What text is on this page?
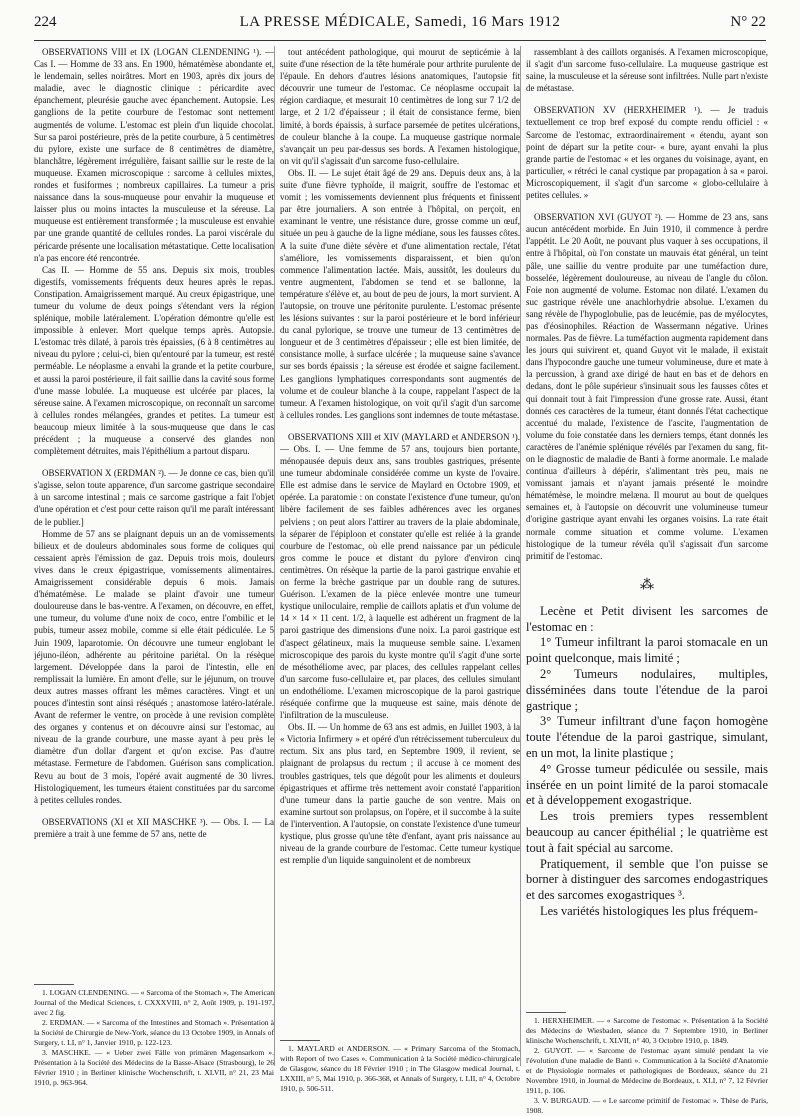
224	LA PRESSE MÉDICALE, Samedi, 16 Mars 1912	N° 22

OBSERVATIONS VIII et IX (LOGAN CLENDENING ¹). — Cas I. — Homme de 33 ans. En 1900, hématémèse abondante et, le lendemain, selles noirâtres. Mort en 1903, après dix jours de maladie, avec le diagnostic clinique : péricardite avec épanchement, pleurésie gauche avec épanchement. Autopsie. Les ganglions de la petite courbure de l'estomac sont nettement augmentés de volume. L'estomac est plein d'un liquide chocolat. Sur sa paroi postérieure, près de la petite courbure, à 5 centimètres du pylore, existe une surface de 8 centimètres de diamètre, blanchâtre, légèrement irrégulière, faisant saillie sur le reste de la muqueuse. Examen microscopique : sarcome à cellules mixtes, rondes et fusiformes ; nombreux capillaires. La tumeur a pris naissance dans la sous-muqueuse pour envahir la muqueuse et laisser plus ou moins intactes la musculeuse et la séreuse. La muqueuse est entièrement transformée ; la musculeuse est envahie par une grande quantité de cellules rondes. La paroi viscérale du péricarde présente une localisation métastatique. Cette localisation n'a pas encore été rencontrée.

Cas II. — Homme de 55 ans. Depuis six mois, troubles digestifs, vomissements fréquents deux heures après le repas. Constipation. Amaigrissement marqué. Au creux épigastrique, une tumeur du volume de deux poings s'étendant vers la région splénique, mobile latéralement. L'opération démontre qu'elle est impossible à enlever. Mort quelque temps après. Autopsie. L'estomac très dilaté, à parois très épaissies, (6 à 8 centimètres au niveau du pylore ; celui-ci, bien qu'entouré par la tumeur, est resté perméable. Le néoplasme a envahi la grande et la petite courbure, et aussi la paroi postérieure, il fait saillie dans la cavité sous forme d'une masse lobulée. La muqueuse est ulcérée par places, la séreuse saine. A l'examen microscopique, on reconnaît un sarcome à cellules rondes mélangées, grandes et petites. La tumeur est beaucoup mieux limitée à la sous-muqueuse que dans le cas précédent ; la muqueuse a conservé des glandes non complètement détruites, mais l'épithélium a partout disparu.

OBSERVATION X (ERDMAN ²). — Je donne ce cas, bien qu'il s'agisse, selon toute apparence, d'un sarcome gastrique secondaire à un sarcome intestinal ; mais ce sarcome gastrique a fait l'objet d'une opération et c'est pour cette raison qu'il me paraît intéressant de le publier.]

Homme de 57 ans se plaignant depuis un an de vomissements bilieux et de douleurs abdominales sous forme de coliques qui cessaient après l'émission de gaz. Depuis trois mois, douleurs vives dans le creux épigastrique, vomissements alimentaires. Amaigrissement considérable depuis 6 mois. Jamais d'hématémèse. Le malade se plaint d'avoir une tumeur douloureuse dans le bas-ventre. A l'examen, on découvre, en effet, une tumeur, du volume d'une noix de coco, entre l'ombilic et le pubis, tumeur assez mobile, comme si elle était pédiculée. Le 5 Juin 1909, laparotomie. On découvre une tumeur englobant le jéjuno-iléon, adhérente au péritoine pariétal. On la résèque largement. Développée dans la paroi de l'intestin, elle en remplissait la lumière. En amont d'elle, sur le jéjunum, on trouve deux autres masses offrant les mêmes caractères. Vingt et un pouces d'intestin sont ainsi réséqués ; anastomose latéro-latérale. Avant de refermer le ventre, on procède à une revision complète des organes y contenus et on découvre ainsi sur l'estomac, au niveau de la grande courbure, une masse ayant à peu près le diamètre d'un dollar d'argent et qu'on excise. Pas d'autre métastase. Fermeture de l'abdomen. Guérison sans complication. Revu au bout de 3 mois, l'opéré avait augmenté de 30 livres. Histologiquement, les tumeurs étaient constituées par du sarcome à petites cellules rondes.

OBSERVATIONS (XI et XII MASCHKE ³). — Obs. I. — La première a trait à une femme de 57 ans, nette de

tout antécédent pathologique, qui mourut de septicémie à la suite d'une résection de la tête humérale pour arthrite purulente de l'épaule. En dehors d'autres lésions anatomiques, l'autopsie fit découvrir une tumeur de l'estomac. Ce néoplasme occupait la région cardiaque, et mesurait 10 centimètres de long sur 7 1/2 de large, et 2 1/2 d'épaisseur ; il était de consistance ferme, bien limité, à bords épaissis, à surface parsemée de petites ulcérations, de couleur blanche à la coupe. La muqueuse gastrique normale s'avançait un peu par-dessus ses bords. A l'examen histologique, on vit qu'il s'agissait d'un sarcome fuso-cellulaire.

Obs. II. — Le sujet était âgé de 29 ans. Depuis deux ans, à la suite d'une fièvre typhoïde, il maigrit, souffre de l'estomac et vomit ; les vomissements deviennent plus fréquents et finissent par être journaliers. A son entrée à l'hôpital, on perçoit, en examinant le ventre, une résistance dure, grosse comme un œuf, située un peu à gauche de la ligne médiane, sous les fausses côtes. A la suite d'une diète sévère et d'une alimentation rectale, l'état s'améliore, les vomissements disparaissent, et bien qu'on commence l'alimentation lactée. Mais, aussitôt, les douleurs du ventre augmentent, l'abdomen se tend et se ballonne, la température s'élève et, au bout de peu de jours, la mort survient. A l'autopsie, on trouve une péritonite purulente. L'estomac présente les lésions suivantes : sur la paroi postérieure et le bord inférieur du canal pylorique, se trouve une tumeur de 13 centimètres de longueur et de 3 centimètres d'épaisseur ; elle est bien limitée, de consistance molle, à surface ulcérée ; la muqueuse saine s'avance sur ses bords épaissis ; la séreuse est érodée et saigne facilement. Les ganglions lymphatiques correspondants sont augmentés de volume et de couleur blanche à la coupe, rappelant l'aspect de la tumeur. A l'examen histologique, on voit qu'il s'agit d'un sarcome à cellules rondes. Les ganglions sont indemnes de toute métastase.

OBSERVATIONS XIII et XIV (MAYLARD et ANDERSON ¹). — Obs. I. — Une femme de 57 ans, toujours bien portante, ménopausée depuis deux ans, sans troubles gastriques, présente une tumeur abdominale considérée comme un kyste de l'ovaire. Elle est admise dans le service de Maylard en Octobre 1909, et opérée. La paratomie : on constate l'existence d'une tumeur, qu'on libère facilement de ses faibles adhérences avec les organes pelviens ; on peut alors l'attirer au travers de la plaie abdominale, la séparer de l'épiploon et constater qu'elle est reliée à la grande courbure de l'estomac, où elle prend naissance par un pédicule gros comme le pouce et distant du pylore d'environ cinq centimètres. On résèque la partie de la paroi gastrique envahie et on ferme la brèche gastrique par un double rang de sutures. Guérison. L'examen de la pièce enlevée montre une tumeur kystique uniloculaire, remplie de caillots aplatis et d'un volume de 14 × 14 × 11 cent. 1/2, à laquelle est adhérent un fragment de la paroi gastrique des dimensions d'une noix. La paroi gastrique est d'aspect gélatineux, mais la muqueuse semble saine. L'examen microscopique des parois du kyste montre qu'il s'agit d'une sorte de mésothéliome avec, par places, des cellules rappelant celles d'un sarcome fuso-cellulaire et, par places, des cellules simulant un endothéliome. L'examen microscopique de la paroi gastrique réséquée confirme que la muqueuse est saine, mais dénote de l'infiltration de la musculeuse.

Obs. II. — Un homme de 63 ans est admis, en Juillet 1903, à la « Victoria Infirmery » et opéré d'un rétrécissement tuberculeux du rectum. Six ans plus tard, en Septembre 1909, il revient, se plaignant de prolapsus du rectum ; il accuse à ce moment des troubles gastriques, tels que dégoût pour les aliments et douleurs épigastriques et affirme très nettement avoir constaté l'apparition d'une tumeur dans la partie gauche de son ventre. Mais on examine surtout son prolapsus, on l'opère, et il succombe à la suite de l'intervention. A l'autopsie, on constate l'existence d'une tumeur kystique, plus grosse qu'une tête d'enfant, ayant pris naissance au niveau de la grande courbure de l'estomac. Cette tumeur kystique est remplie d'un liquide sanguinolent et de nombreux

rassemblant à des caillots organisés. A l'examen microscopique, il s'agit d'un sarcome fuso-cellulaire. La muqueuse gastrique est saine, la musculeuse et la séreuse sont infiltrées. Nulle part n'existe de métastase.

OBSERVATION XV (HERXHEIMER ¹). — Je traduis textuellement ce trop bref exposé du compte rendu officiel : « Sarcome de l'estomac, extraordinairement « étendu, ayant son point de départ sur la petite cour- « bure, ayant envahi la plus grande partie de l'estomac « et les organes du voisinage, ayant, en particulier, « rétréci le canal cystique par propagation à sa « paroi. Microscopiquement, il s'agit d'un sarcome « globo-cellulaire à petites cellules. »

OBSERVATION XVI (GUYOT ²). — Homme de 23 ans, sans aucun antécédent morbide. En Juin 1910, il commence à perdre l'appétit. Le 20 Août, ne pouvant plus vaquer à ses occupations, il entre à l'hôpital, où l'on constate un mauvais état général, un teint pâle, une saillie du ventre produite par une tuméfaction dure, bosselée, légèrement douloureuse, au niveau de l'angle du côlon. Foie non augmenté de volume. Estomac non dilaté. L'examen du suc gastrique révèle une anachlorhydrie absolue. L'examen du sang révèle de l'hypoglobulie, pas de leucémie, pas de myélocytes, pas d'éosinophiles. Réaction de Wassermann négative. Urines normales. Pas de fièvre. La tuméfaction augmenta rapidement dans les jours qui suivirent et, quand Guyot vit le malade, il existait dans l'hypocondre gauche une tumeur volumineuse, dure et mate à la percussion, à grand axe dirigé de haut en bas et de dehors en dedans, dont le pôle supérieur s'insinuait sous les fausses côtes et qui donnait tout à fait l'impression d'une grosse rate. Aussi, étant donnés ces caractères de la tumeur, étant donnés l'état cachectique accentué du malade, l'existence de l'ascite, l'augmentation de volume du foie constatée dans les derniers temps, étant donnés les caractères de l'anémie splénique révélés par l'examen du sang, fit-on le diagnostic de maladie de Banti à forme anormale. Le malade continua d'ailleurs à dépérir, s'alimentant très peu, mais ne vomissant jamais et n'ayant jamais présenté le moindre hématémèse, le moindre melæna. Il mourut au bout de quelques semaines et, à l'autopsie on découvrit une volumineuse tumeur d'origine gastrique ayant envahi les organes voisins. La rate était normale comme situation et comme volume. L'examen histologique de la tumeur révéla qu'il s'agissait d'un sarcome primitif de l'estomac.

⁂

Lecène et Petit divisent les sarcomes de l'estomac en :

1° Tumeur infiltrant la paroi stomacale en un point quelconque, mais limité ;

2° Tumeurs nodulaires, multiples, disséminées dans toute l'étendue de la paroi gastrique ;

3° Tumeur infiltrant d'une façon homogène toute l'étendue de la paroi gastrique, simulant, en un mot, la linite plastique ;

4° Grosse tumeur pédiculée ou sessile, mais insérée en un point limité de la paroi stomacale et à développement exogastrique.

Les trois premiers types ressemblent beaucoup au cancer épithélial ; le quatrième est tout à fait spécial au sarcome.

Pratiquement, il semble que l'on puisse se borner à distinguer des sarcomes endogastriques et des sarcomes exogastriques ³.

Les variétés histologiques les plus fréquem-

1. LOGAN CLENDENING. — « Sarcoma of the Stomach », The American Journal of the Medical Sciences, t. CXXXVIII, n° 2, Août 1909, p. 191-197, avec 2 fig.

2. ERDMAN. — « Sarcoma of the Intestines and Stomach ». Présentation à la Société de Chirurgie de New-York, séance du 13 Octobre 1909, in Annals of Surgery, t. LI, n° 1, Janvier 1910, p. 122-123.

3. MASCHKE. — « Ueber zwei Fälle von primären Magensarkom ». Présentation à la Société des Médecins de la Basse-Alsace (Strasbourg), le 26 Février 1910 ; in Berliner klinische Wochenschrift, t. XLVII, n° 21, 23 Mai 1910, p. 963-964.

1. MAYLARD et ANDERSON. — « Primary Sarcoma of the Stomach, with Report of two Cases ». Communication à la Société médico-chirurgicale de Glasgow, séance du 18 Février 1910 ; in The Glasgow medical Journal, t. LXXIII, n° 5, Mai 1910, p. 366-368, et Annals of Surgery, t. LII, n° 4, Octobre 1910, p. 506-511.

1. HERXHEIMER. — « Sarcome de l'estomac ». Présentation à la Société des Médecins de Wiesbaden, séance du 7 Septembre 1910, in Berliner klinische Wochenschrift, t. XLVII, n° 40, 3 Octobre 1910, p. 1849.

2. GUYOT. — « Sarcome de l'estomac ayant simulé pendant la vie l'évolution d'une maladie de Banti ». Communication à la Société d'Anatomie et de Physiologie normales et pathologiques de Bordeaux, séance du 21 Novembre 1910, in Journal de Médecine de Bordeaux, t. XLI, n° 7, 12 Février 1911, p. 106.

3. V. BURGAUD. — « Le sarcome primitif de l'estomac ». Thèse de Paris, 1908.
